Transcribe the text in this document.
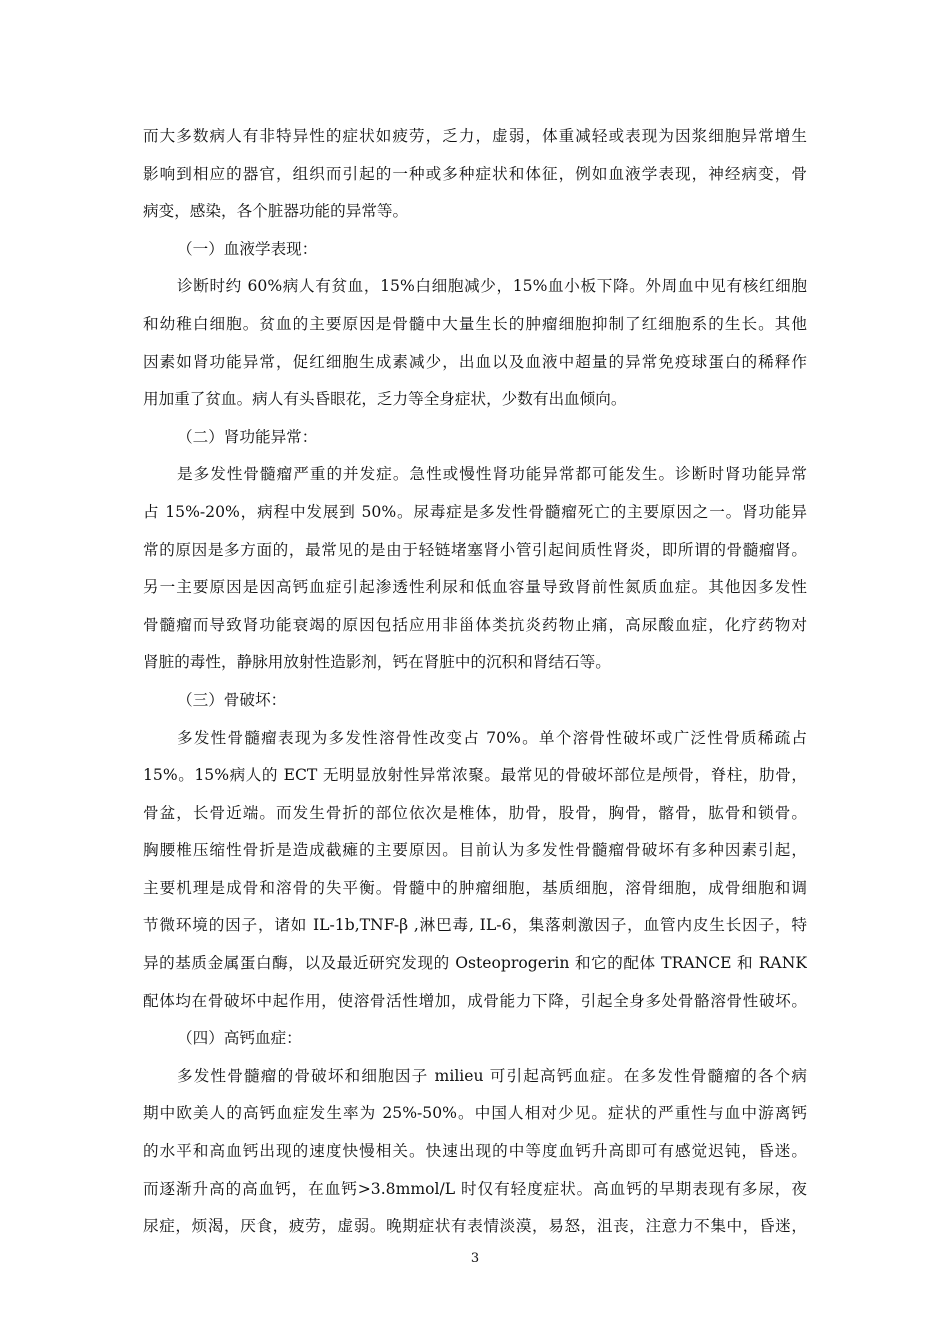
而大多数病人有非特异性的症状如疲劳，乏力，虚弱，体重减轻或表现为因浆细胞异常增生
影响到相应的器官，组织而引起的一种或多种症状和体征，例如血液学表现，神经病变，骨
病变，感染，各个脏器功能的异常等。
（一）血液学表现：
诊断时约 60%病人有贫血，15%白细胞减少，15%血小板下降。外周血中见有核红细胞
和幼稚白细胞。贫血的主要原因是骨髓中大量生长的肿瘤细胞抑制了红细胞系的生长。其他
因素如肾功能异常，促红细胞生成素减少，出血以及血液中超量的异常免疫球蛋白的稀释作
用加重了贫血。病人有头昏眼花，乏力等全身症状，少数有出血倾向。
（二）肾功能异常：
是多发性骨髓瘤严重的并发症。急性或慢性肾功能异常都可能发生。诊断时肾功能异常
占 15%-20%，病程中发展到 50%。尿毒症是多发性骨髓瘤死亡的主要原因之一。肾功能异
常的原因是多方面的，最常见的是由于轻链堵塞肾小管引起间质性肾炎，即所谓的骨髓瘤肾。
另一主要原因是因高钙血症引起渗透性利尿和低血容量导致肾前性氮质血症。其他因多发性
骨髓瘤而导致肾功能衰竭的原因包括应用非甾体类抗炎药物止痛，高尿酸血症，化疗药物对
肾脏的毒性，静脉用放射性造影剂，钙在肾脏中的沉积和肾结石等。
（三）骨破坏：
多发性骨髓瘤表现为多发性溶骨性改变占 70%。单个溶骨性破坏或广泛性骨质稀疏占
15%。15%病人的 ECT 无明显放射性异常浓聚。最常见的骨破坏部位是颅骨，脊柱，肋骨，
骨盆，长骨近端。而发生骨折的部位依次是椎体，肋骨，股骨，胸骨，髂骨，肱骨和锁骨。
胸腰椎压缩性骨折是造成截瘫的主要原因。目前认为多发性骨髓瘤骨破坏有多种因素引起，
主要机理是成骨和溶骨的失平衡。骨髓中的肿瘤细胞，基质细胞，溶骨细胞，成骨细胞和调
节微环境的因子，诸如 IL-1b,TNF-β ,淋巴毒, IL-6，集落刺激因子，血管内皮生长因子，特
异的基质金属蛋白酶，以及最近研究发现的 Osteoprogerin 和它的配体 TRANCE 和 RANK
配体均在骨破坏中起作用，使溶骨活性增加，成骨能力下降，引起全身多处骨骼溶骨性破坏。
（四）高钙血症：
多发性骨髓瘤的骨破坏和细胞因子 milieu 可引起高钙血症。在多发性骨髓瘤的各个病
期中欧美人的高钙血症发生率为 25%-50%。中国人相对少见。症状的严重性与血中游离钙
的水平和高血钙出现的速度快慢相关。快速出现的中等度血钙升高即可有感觉迟钝，昏迷。
而逐渐升高的高血钙，在血钙>3.8mmol/L 时仅有轻度症状。高血钙的早期表现有多尿，夜
尿症，烦渴，厌食，疲劳，虚弱。晚期症状有表情淡漠，易怒，沮丧，注意力不集中，昏迷，
3
